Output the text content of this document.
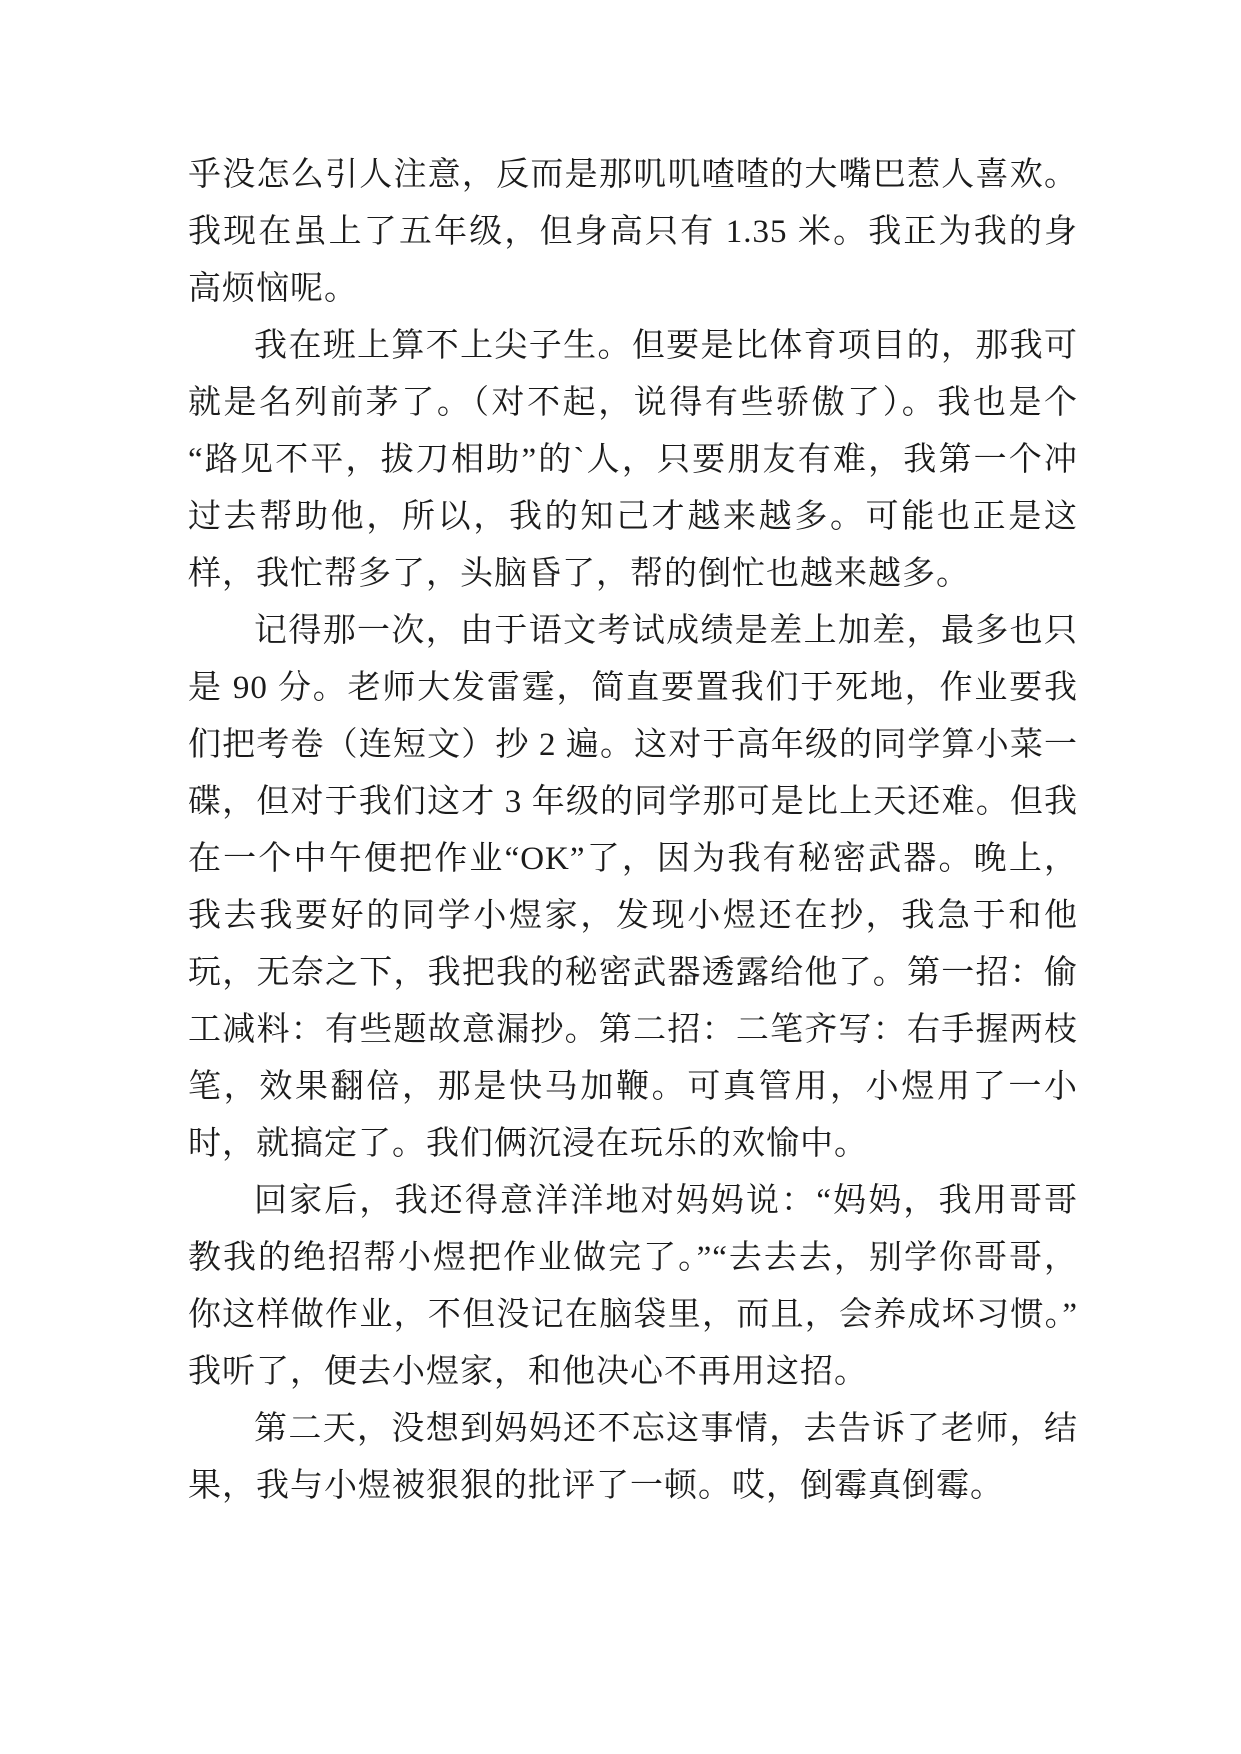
乎没怎么引人注意，反而是那叽叽喳喳的大嘴巴惹人喜欢。我现在虽上了五年级，但身高只有 1.35 米。我正为我的身高烦恼呢。

我在班上算不上尖子生。但要是比体育项目的，那我可就是名列前茅了。（对不起，说得有些骄傲了）。我也是个“路见不平，拔刀相助”的`人，只要朋友有难，我第一个冲过去帮助他，所以，我的知己才越来越多。可能也正是这样，我忙帮多了，头脑昏了，帮的倒忙也越来越多。

记得那一次，由于语文考试成绩是差上加差，最多也只是 90 分。老师大发雷霆，简直要置我们于死地，作业要我们把考卷（连短文）抄 2 遍。这对于高年级的同学算小菜一碟，但对于我们这才 3 年级的同学那可是比上天还难。但我在一个中午便把作业“OK”了，因为我有秘密武器。晚上，我去我要好的同学小煜家，发现小煜还在抄，我急于和他玩，无奈之下，我把我的秘密武器透露给他了。第一招：偷工减料：有些题故意漏抄。第二招：二笔齐写：右手握两枝笔，效果翻倍，那是快马加鞭。可真管用，小煜用了一小时，就搞定了。我们俩沉浸在玩乐的欢愉中。

回家后，我还得意洋洋地对妈妈说：“妈妈，我用哥哥教我的绝招帮小煜把作业做完了。”“去去去，别学你哥哥，你这样做作业，不但没记在脑袋里，而且，会养成坏习惯。”我听了，便去小煜家，和他决心不再用这招。

第二天，没想到妈妈还不忘这事情，去告诉了老师，结果，我与小煜被狠狠的批评了一顿。哎，倒霉真倒霉。
